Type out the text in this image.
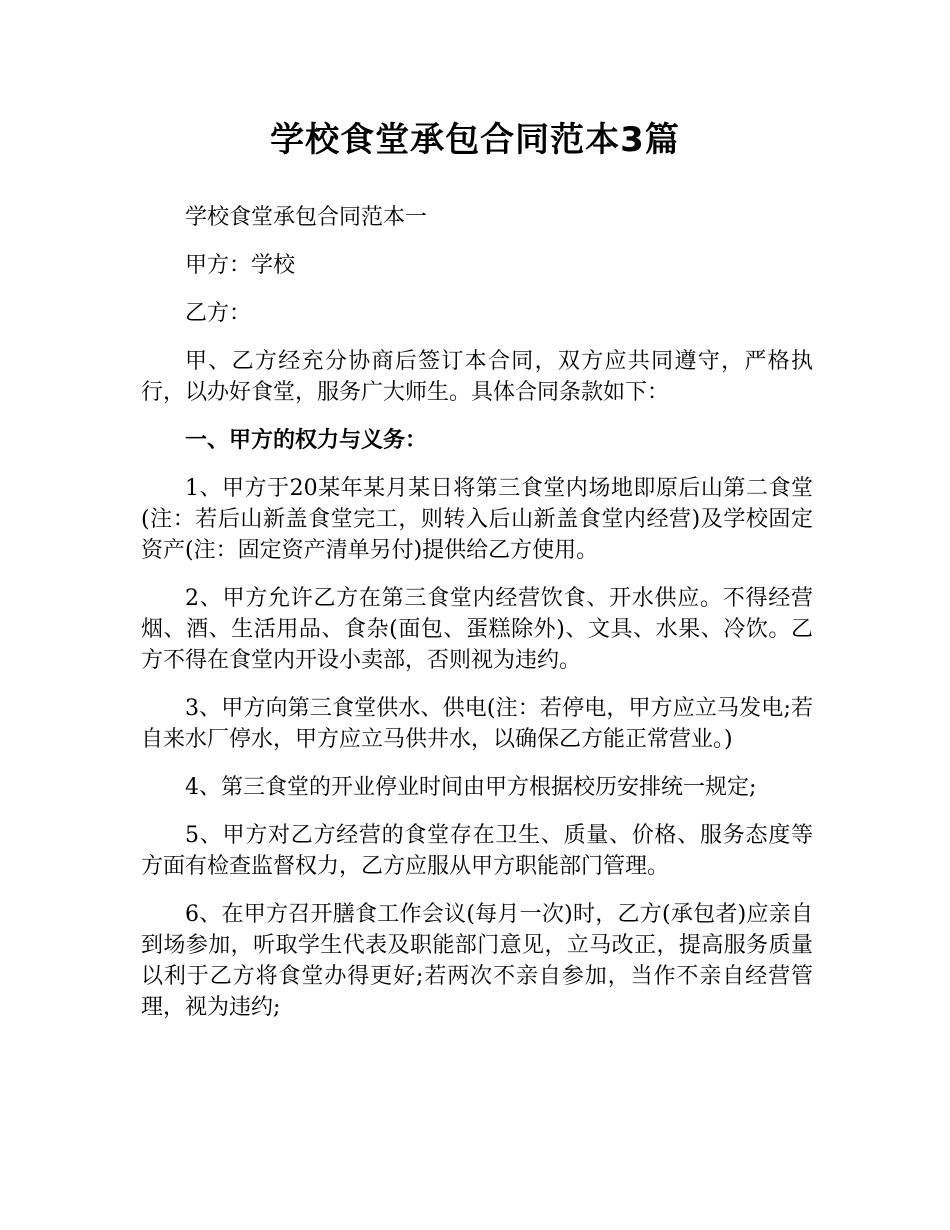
学校食堂承包合同范本3篇

学校食堂承包合同范本一

甲方：学校

乙方：

甲、乙方经充分协商后签订本合同，双方应共同遵守，严格执行，以办好食堂，服务广大师生。具体合同条款如下：

一、甲方的权力与义务：

1、甲方于20某年某月某日将第三食堂内场地即原后山第二食堂(注：若后山新盖食堂完工，则转入后山新盖食堂内经营)及学校固定资产(注：固定资产清单另付)提供给乙方使用。

2、甲方允许乙方在第三食堂内经营饮食、开水供应。不得经营烟、酒、生活用品、食杂(面包、蛋糕除外)、文具、水果、冷饮。乙方不得在食堂内开设小卖部，否则视为违约。

3、甲方向第三食堂供水、供电(注：若停电，甲方应立马发电;若自来水厂停水，甲方应立马供井水，以确保乙方能正常营业。)

4、第三食堂的开业停业时间由甲方根据校历安排统一规定;

5、甲方对乙方经营的食堂存在卫生、质量、价格、服务态度等方面有检查监督权力，乙方应服从甲方职能部门管理。

6、在甲方召开膳食工作会议(每月一次)时，乙方(承包者)应亲自到场参加，听取学生代表及职能部门意见，立马改正，提高服务质量以利于乙方将食堂办得更好;若两次不亲自参加，当作不亲自经营管理，视为违约;
